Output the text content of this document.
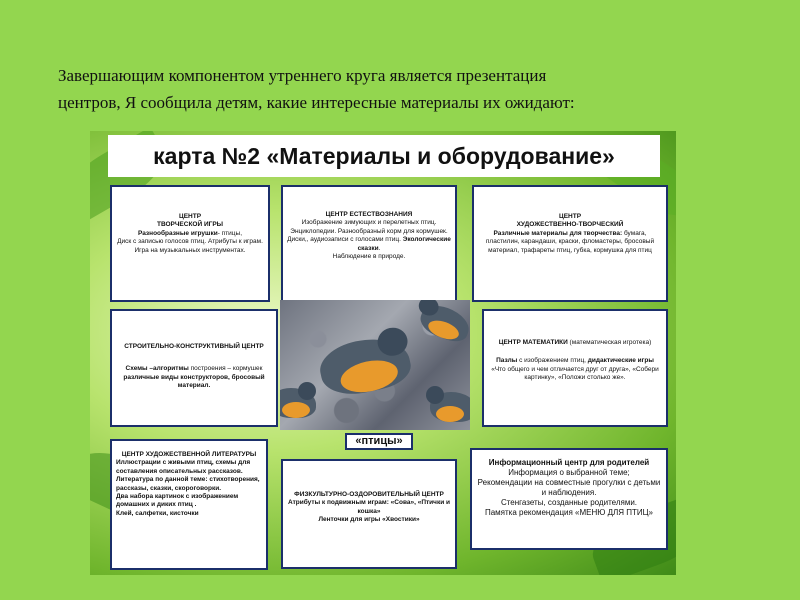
Завершающим компонентом утреннего круга является презентация
центров, Я сообщила детям, какие интересные материалы их ожидают:
карта №2 «Материалы и оборудование»

ЦЕНТР
ТВОРЧЕСКОЙ ИГРЫ

Разнообразные игрушки- птицы,
Диск с записью голосов птиц. Атрибуты к играм. Игра на музыкальных инструментах.

ЦЕНТР ЕСТЕСТВОЗНАНИЯ

Изображение зимующих и перелетных птиц. Энциклопедии. Разнообразный корм для кормушек. Диски,, аудиозаписи с голосами птиц. Экологические сказки.
Наблюдение в природе.

ЦЕНТР
ХУДОЖЕСТВЕННО-ТВОРЧЕСКИЙ

Различные материалы для творчества: бумага, пластилин, карандаши, краски, фломастеры, бросовый материал, трафареты птиц, губка, кормушка для птиц

СТРОИТЕЛЬНО-КОНСТРУКТИВНЫЙ ЦЕНТР

Схемы –алгоритмы построения – кормушек различные виды конструкторов, бросовый материал.

ЦЕНТР МАТЕМАТИКИ (математическая игротека)

Пазлы с изображением птиц, дидактические игры «Что общего и чем отличается друг от друга», «Собери картинку», «Положи столько же».

«птицы»

ЦЕНТР ХУДОЖЕСТВЕННОЙ ЛИТЕРАТУРЫ

Иллюстрации с живыми птиц, схемы для составления описательных рассказов.

Литература по данной теме: стихотворения, рассказы, сказки, скороговорки.

Два набора картинок с изображением домашних и диких птиц .

Клей, салфетки, кисточки

ФИЗКУЛЬТУРНО-ОЗДОРОВИТЕЛЬНЫЙ ЦЕНТР

Атрибуты к подвижным играм: «Сова», «Птички и кошка»

Ленточки для игры «Хвостики»

Информационный центр для родителей

Информация о выбранной теме;

Рекомендации на совместные прогулки с детьми и наблюдения.

Стенгазеты, созданные родителями.

Памятка рекомендация «МЕНЮ ДЛЯ ПТИЦ»
